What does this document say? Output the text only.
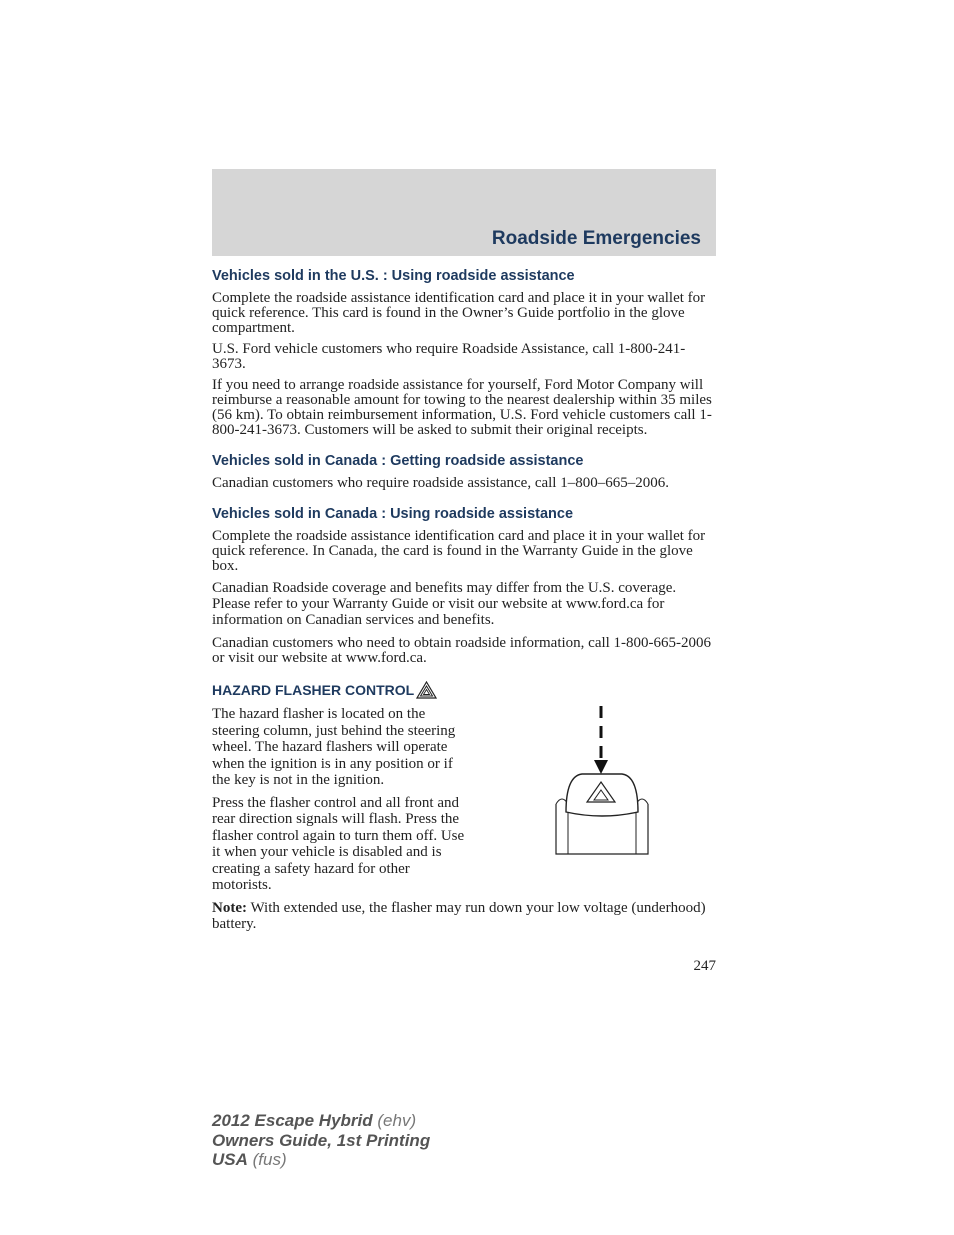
Roadside Emergencies
Vehicles sold in the U.S. : Using roadside assistance

Complete the roadside assistance identification card and place it in your wallet for quick reference. This card is found in the Owner’s Guide portfolio in the glove compartment.

U.S. Ford vehicle customers who require Roadside Assistance, call 1-800-241-3673.

If you need to arrange roadside assistance for yourself, Ford Motor Company will reimburse a reasonable amount for towing to the nearest dealership within 35 miles (56 km). To obtain reimbursement information, U.S. Ford vehicle customers call 1-800-241-3673. Customers will be asked to submit their original receipts.

Vehicles sold in Canada : Getting roadside assistance

Canadian customers who require roadside assistance, call 1–800–665–2006.

Vehicles sold in Canada : Using roadside assistance

Complete the roadside assistance identification card and place it in your wallet for quick reference. In Canada, the card is found in the Warranty Guide in the glove box.

Canadian Roadside coverage and benefits may differ from the U.S. coverage. Please refer to your Warranty Guide or visit our website at www.ford.ca for information on Canadian services and benefits.

Canadian customers who need to obtain roadside information, call 1-800-665-2006 or visit our website at www.ford.ca.

HAZARD FLASHER CONTROL

The hazard flasher is located on the steering column, just behind the steering wheel. The hazard flashers will operate when the ignition is in any position or if the key is not in the ignition.

Press the flasher control and all front and rear direction signals will flash. Press the flasher control again to turn them off. Use it when your vehicle is disabled and is creating a safety hazard for other motorists.

Note: With extended use, the flasher may run down your low voltage (underhood) battery.

247
2012 Escape Hybrid (ehv)
Owners Guide, 1st Printing
USA (fus)
